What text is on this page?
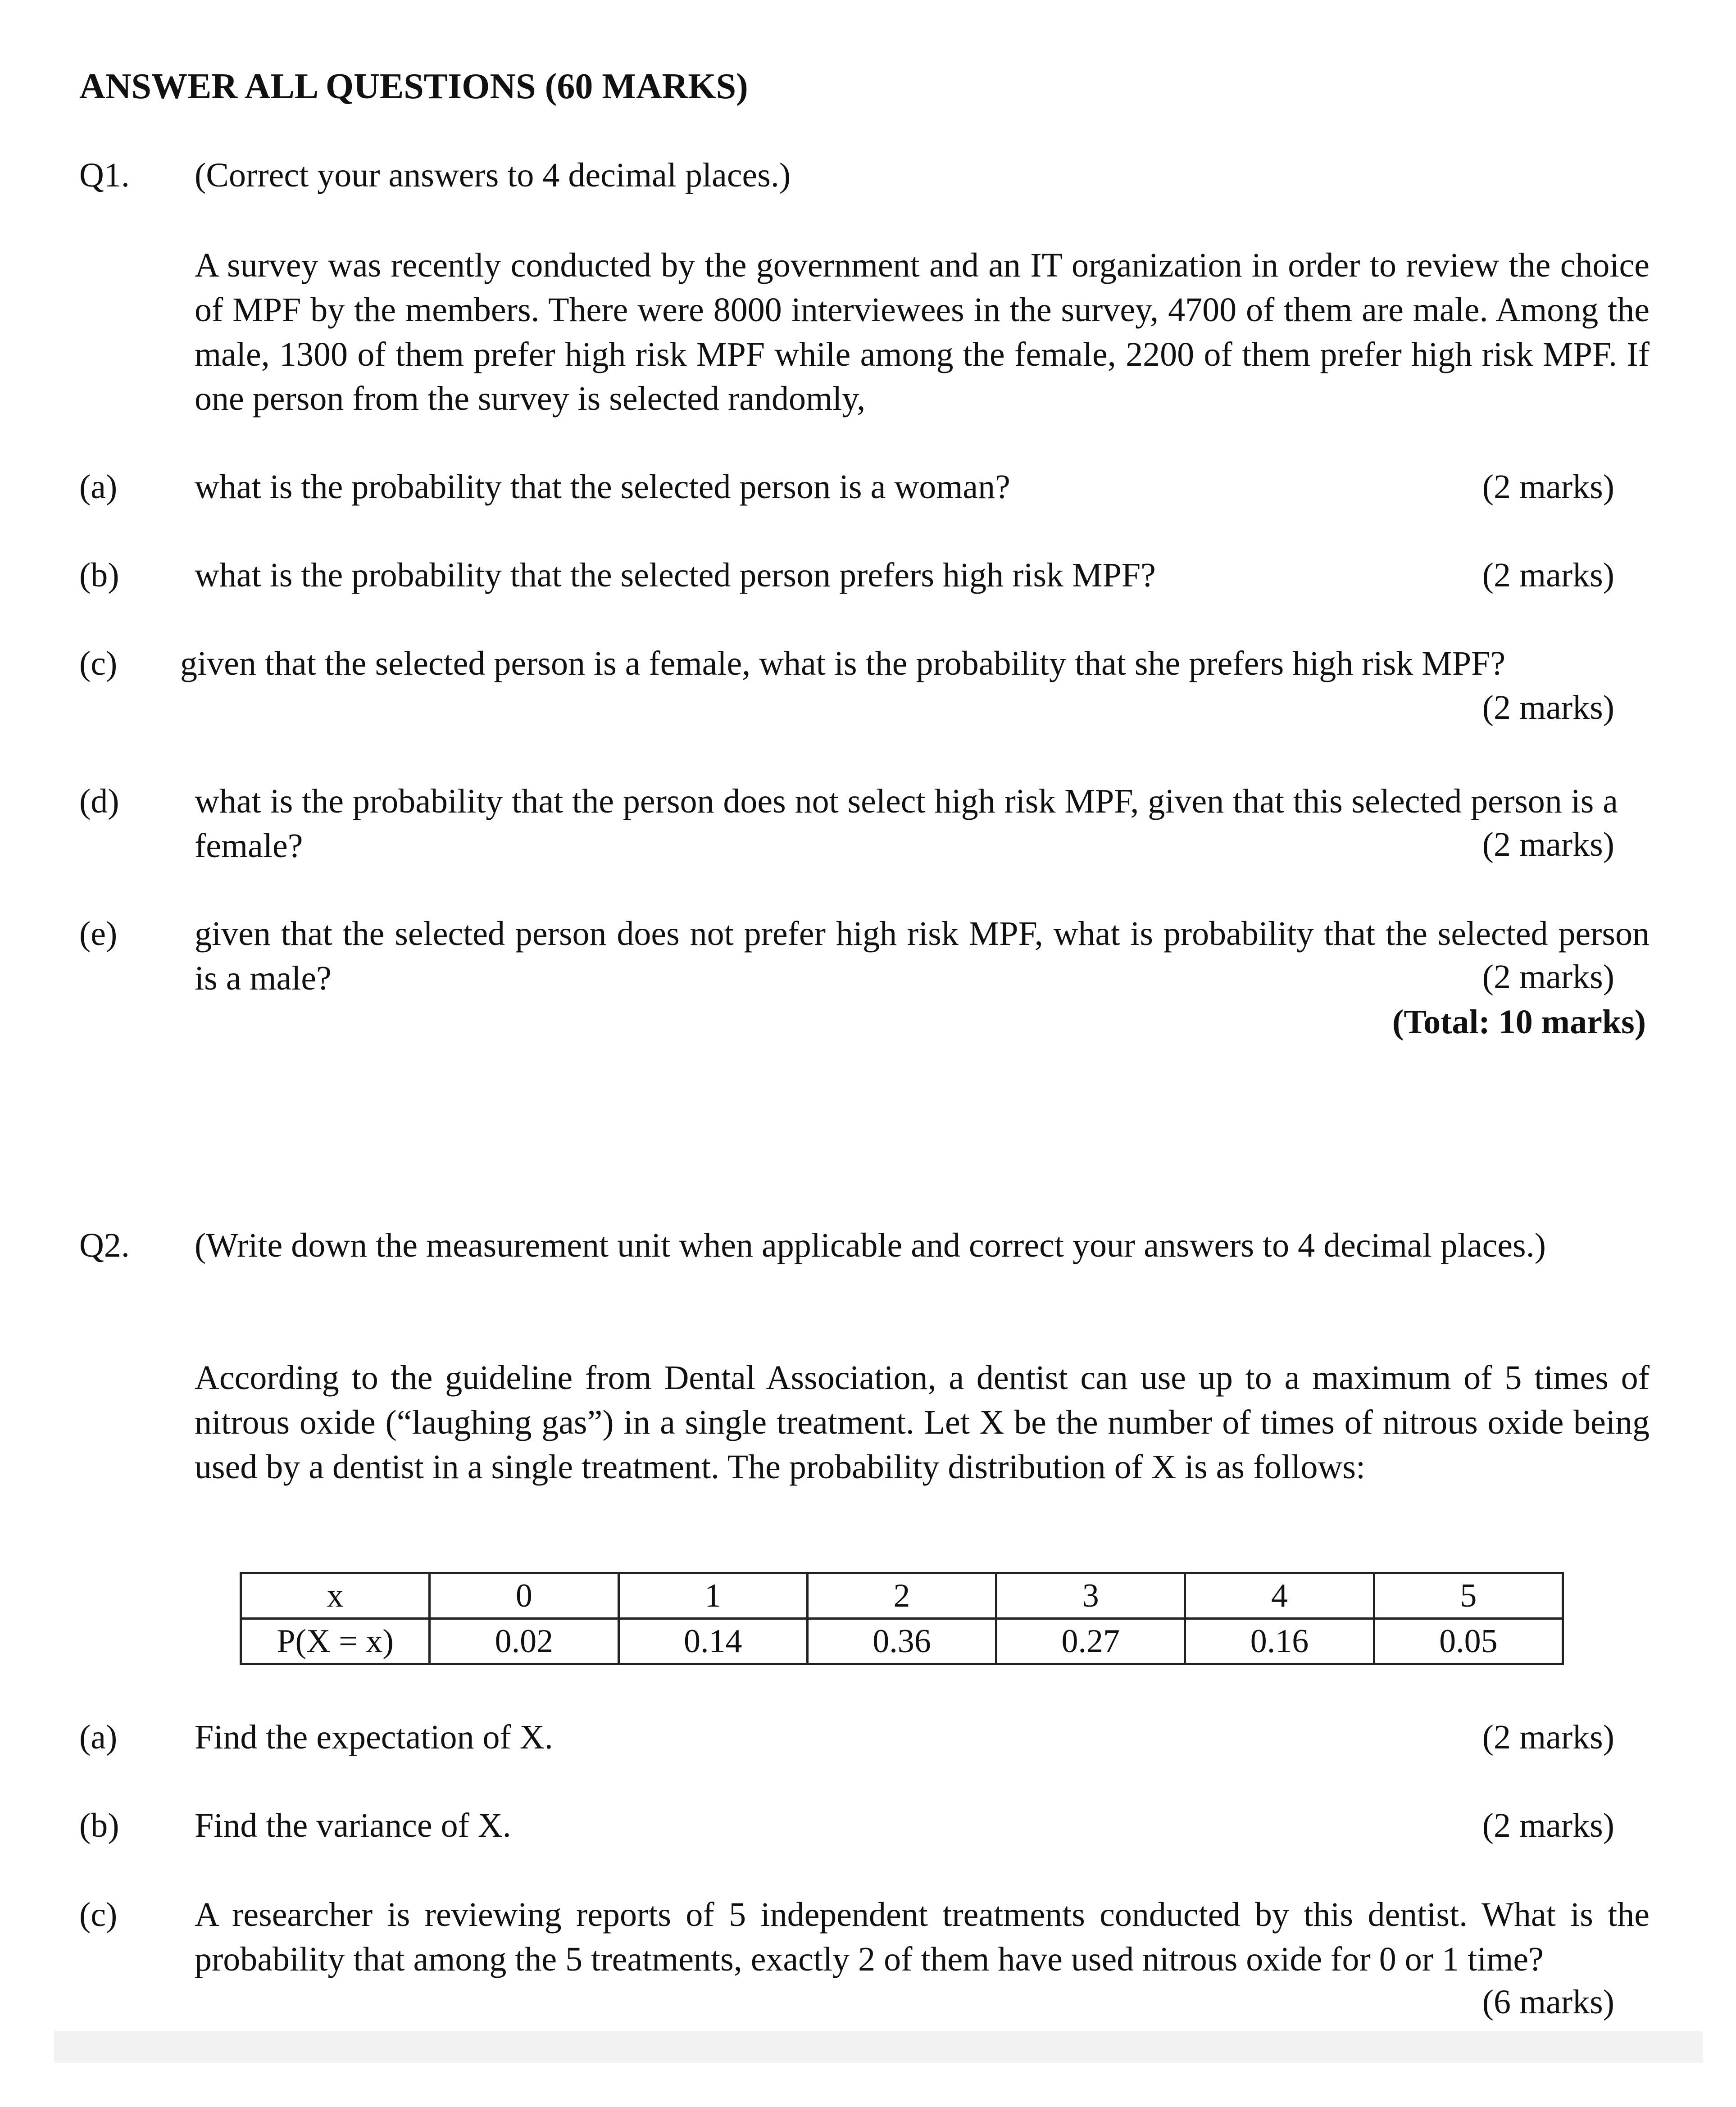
ANSWER ALL QUESTIONS (60 MARKS)
Q1. (Correct your answers to 4 decimal places.)
A survey was recently conducted by the government and an IT organization in order to review the choice of MPF by the members. There were 8000 interviewees in the survey, 4700 of them are male. Among the male, 1300 of them prefer high risk MPF while among the female, 2200 of them prefer high risk MPF. If one person from the survey is selected randomly,
(a) what is the probability that the selected person is a woman?	(2 marks)
(b) what is the probability that the selected person prefers high risk MPF?	(2 marks)
(c) given that the selected person is a female, what is the probability that she prefers high risk MPF?
(2 marks)
(d) what is the probability that the person does not select high risk MPF, given that this selected person is a female?	(2 marks)
(e) given that the selected person does not prefer high risk MPF, what is probability that the selected person is a male?	(2 marks)
(Total: 10 marks)
Q2. (Write down the measurement unit when applicable and correct your answers to 4 decimal places.)
According to the guideline from Dental Association, a dentist can use up to a maximum of 5 times of nitrous oxide (“laughing gas”) in a single treatment. Let X be the number of times of nitrous oxide being used by a dentist in a single treatment. The probability distribution of X is as follows:
x	0	1	2	3	4	5
P(X = x)	0.02	0.14	0.36	0.27	0.16	0.05
(a) Find the expectation of X.	(2 marks)
(b) Find the variance of X.	(2 marks)
(c) A researcher is reviewing reports of 5 independent treatments conducted by this dentist. What is the probability that among the 5 treatments, exactly 2 of them have used nitrous oxide for 0 or 1 time?
(6 marks)
